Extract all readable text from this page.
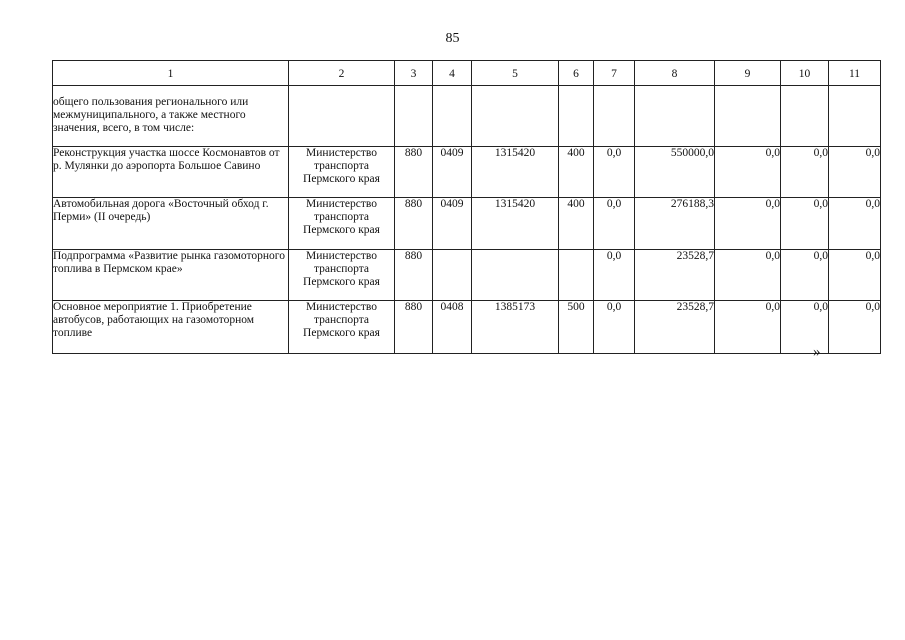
85
1	2	3	4	5	6	7	8	9	10	11
общего пользования регионального или межмуниципального, а также местного значения, всего, в том числе:										
Реконструкция участка шоссе Космонавтов от р. Мулянки до аэропорта Большое Савино	Министерство транспорта Пермского края	880	0409	1315420	400	0,0	550000,0	0,0	0,0	0,0
Автомобильная дорога «Восточный обход г. Перми» (II очередь)	Министерство транспорта Пермского края	880	0409	1315420	400	0,0	276188,3	0,0	0,0	0,0
Подпрограмма «Развитие рынка газомоторного топлива в Пермском крае»	Министерство транспорта Пермского края	880				0,0	23528,7	0,0	0,0	0,0
Основное мероприятие 1. Приобретение автобусов, работающих на газомоторном топливе	Министерство транспорта Пермского края	880	0408	1385173	500	0,0	23528,7	0,0	0,0	0,0
»
